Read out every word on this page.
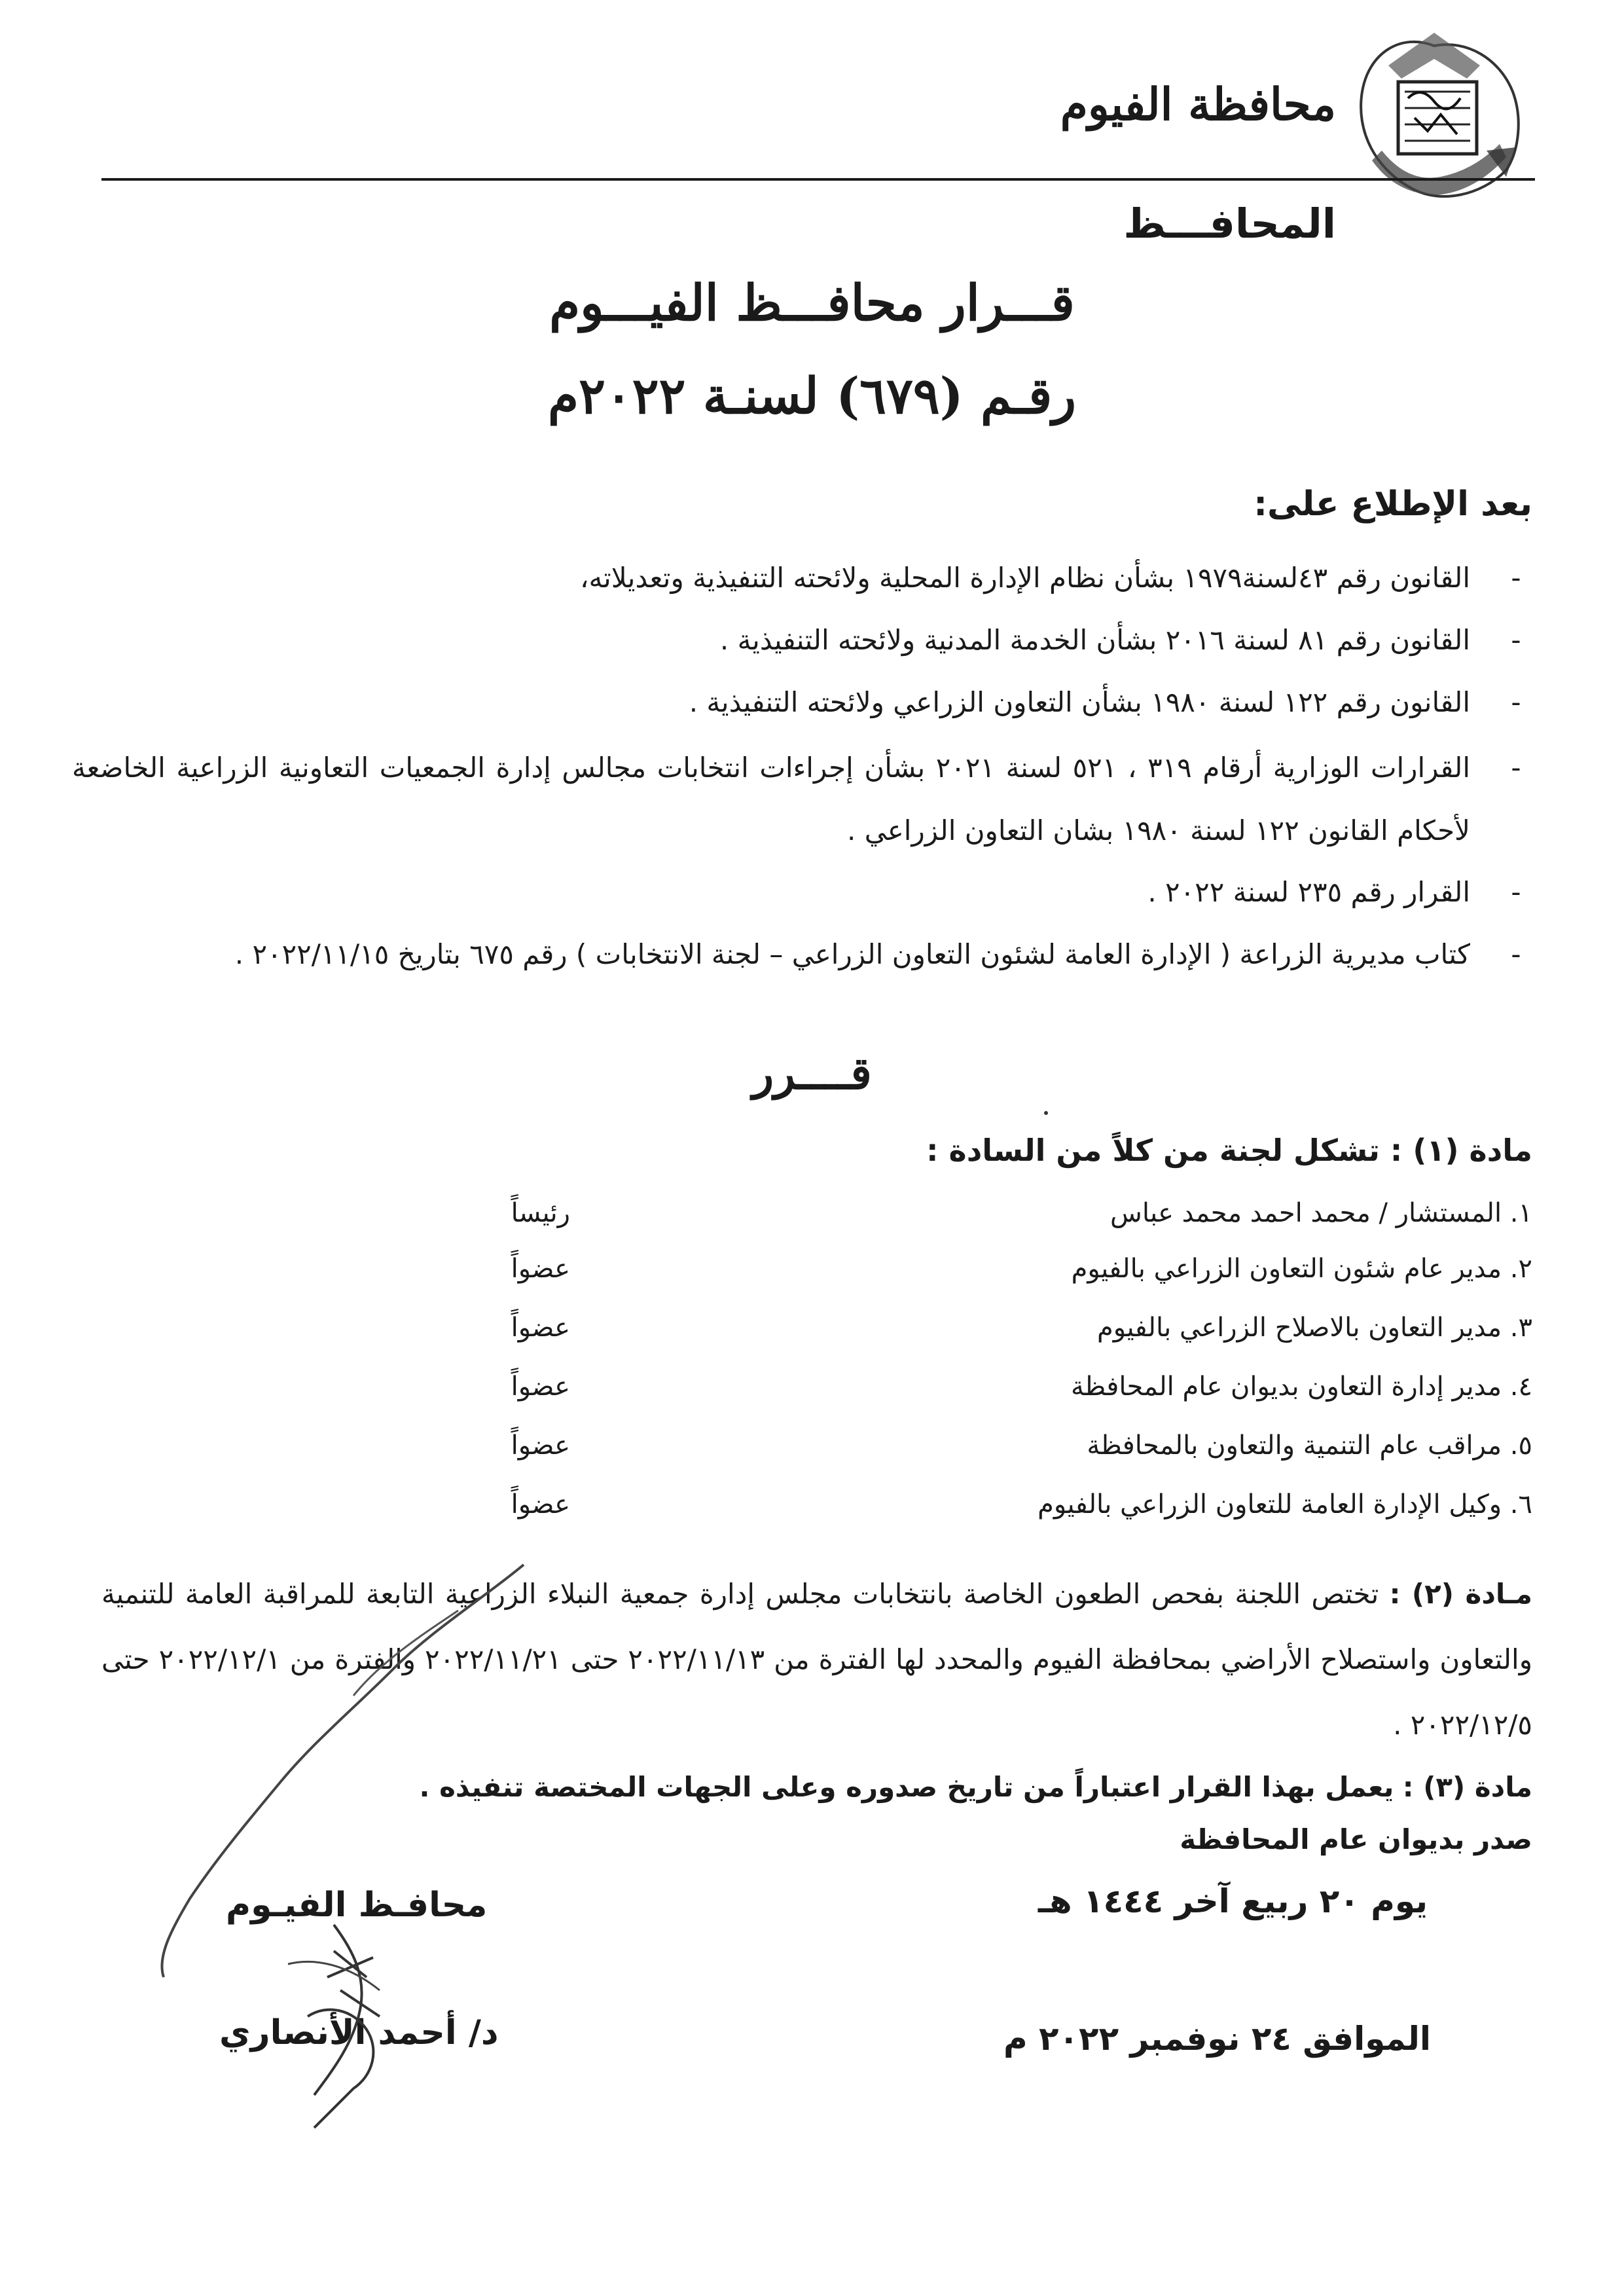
محافظة الفيوم
المحافـــظ
قـــرار محافـــظ الفيـــوم
رقـم (٦٧٩) لسنـة ٢٠٢٢م
بعد الإطلاع على:
-
القانون رقم ٤٣لسنة١٩٧٩ بشأن نظام الإدارة المحلية ولائحته التنفيذية وتعديلاته،
-
القانون رقم ٨١ لسنة ٢٠١٦ بشأن الخدمة المدنية ولائحته التنفيذية .
-
القانون رقم ١٢٢ لسنة ١٩٨٠ بشأن التعاون الزراعي ولائحته التنفيذية .
-
القرارات الوزارية أرقام ٣١٩ ، ٥٢١ لسنة ٢٠٢١ بشأن إجراءات انتخابات مجالس إدارة الجمعيات التعاونية الزراعية الخاضعة لأحكام القانون ١٢٢ لسنة ١٩٨٠ بشان التعاون الزراعي .
-
القرار رقم ٢٣٥ لسنة ٢٠٢٢ .
-
كتاب مديرية الزراعة ( الإدارة العامة لشئون التعاون الزراعي – لجنة الانتخابات ) رقم ٦٧٥ بتاريخ ٢٠٢٢/١١/١٥ .
قــــرر
مادة (١) : تشكل لجنة من كلاً من السادة :
١. المستشار / محمد احمد محمد عباس
رئيساً
٢. مدير عام شئون التعاون الزراعي بالفيوم
عضواً
٣. مدير التعاون بالاصلاح الزراعي بالفيوم
عضواً
٤. مدير إدارة التعاون بديوان عام المحافظة
عضواً
٥. مراقب عام التنمية والتعاون بالمحافظة
عضواً
٦. وكيل الإدارة العامة للتعاون الزراعي بالفيوم
عضواً
مـادة (٢) : تختص اللجنة بفحص الطعون الخاصة بانتخابات مجلس إدارة جمعية النبلاء الزراعية التابعة للمراقبة العامة للتنمية والتعاون واستصلاح الأراضي بمحافظة الفيوم والمحدد لها الفترة من ٢٠٢٢/١١/١٣ حتى ٢٠٢٢/١١/٢١ والفترة من ٢٠٢٢/١٢/١ حتى ٢٠٢٢/١٢/٥ .
مادة (٣) : يعمل بهذا القرار اعتباراً من تاريخ صدوره وعلى الجهات المختصة تنفيذه .
صدر بديوان عام المحافظة
يوم ٢٠ ربيع آخر ١٤٤٤ هـ
الموافق ٢٤ نوفمبر ٢٠٢٢ م
محافـظ الفيـوم
د/ أحمد الأنصاري
